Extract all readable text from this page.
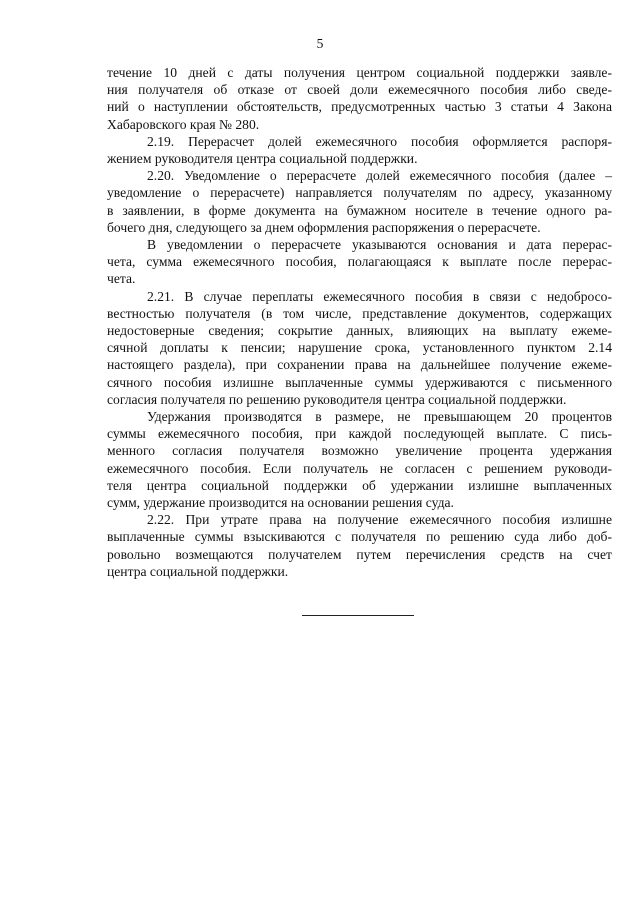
5

течение 10 дней с даты получения центром социальной поддержки заявле-
ния получателя об отказе от своей доли ежемесячного пособия либо сведе-
ний о наступлении обстоятельств, предусмотренных частью 3 статьи 4 Закона
Хабаровского края № 280.

2.19. Перерасчет долей ежемесячного пособия оформляется распоря-
жением руководителя центра социальной поддержки.

2.20. Уведомление о перерасчете долей ежемесячного пособия (далее –
уведомление о перерасчете) направляется получателям по адресу, указанному
в заявлении, в форме документа на бумажном носителе в течение одного ра-
бочего дня, следующего за днем оформления распоряжения о перерасчете.

В уведомлении о перерасчете указываются основания и дата перерас-
чета, сумма ежемесячного пособия, полагающаяся к выплате после перерас-
чета.

2.21. В случае переплаты ежемесячного пособия в связи с недобросо-
вестностью получателя (в том числе, представление документов, содержащих
недостоверные сведения; сокрытие данных, влияющих на выплату ежеме-
сячной доплаты к пенсии; нарушение срока, установленного пунктом 2.14
настоящего раздела), при сохранении права на дальнейшее получение ежеме-
сячного пособия излишне выплаченные суммы удерживаются с письменного
согласия получателя по решению руководителя центра социальной поддержки.

Удержания производятся в размере, не превышающем 20 процентов
суммы ежемесячного пособия, при каждой последующей выплате. С пись-
менного согласия получателя возможно увеличение процента удержания
ежемесячного пособия. Если получатель не согласен с решением руководи-
теля центра социальной поддержки об удержании излишне выплаченных
сумм, удержание производится на основании решения суда.

2.22. При утрате права на получение ежемесячного пособия излишне
выплаченные суммы взыскиваются с получателя по решению суда либо доб-
ровольно возмещаются получателем путем перечисления средств на счет
центра социальной поддержки.
